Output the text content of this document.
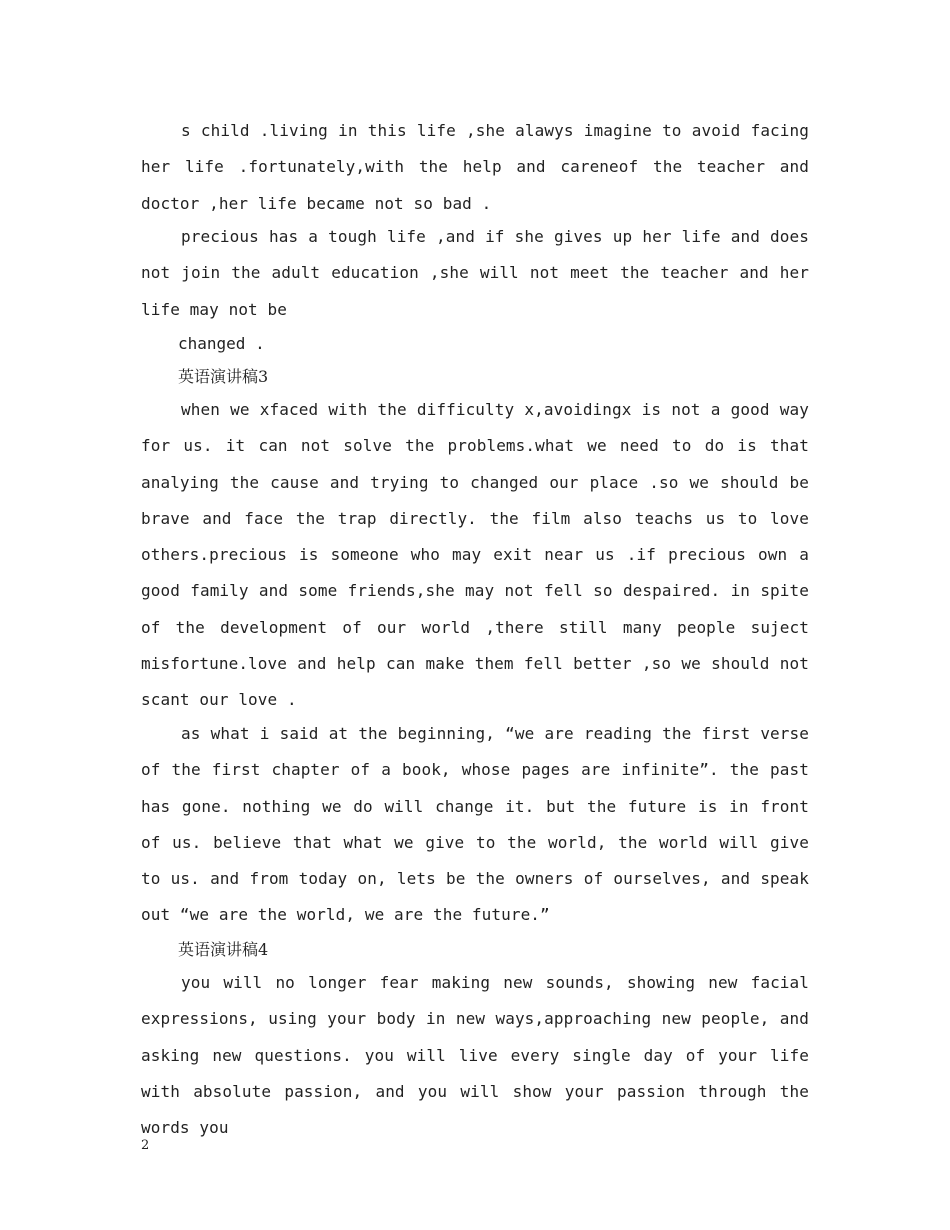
s child .living in this life ,she alawys imagine to avoid facing her life .fortunately,with the help and careneof the teacher and doctor ,her life became not so bad .

precious has a tough life ,and if she gives up her life and does not join the adult education ,she will not meet the teacher and her life may not be

changed .

英语演讲稿3

when we xfaced with the difficulty x,avoidingx is not a good way for us. it can not solve the problems.what we need to do is that analying the cause and trying to changed our place .so we should be brave and face the trap directly. the film also teachs us to love others.precious is someone who may exit near us .if precious own a good family and some friends,she may not fell so despaired. in spite of the development of our world ,there still many people suject misfortune.love and help can make them fell better ,so we should not scant our love .

as what i said at the beginning, “we are reading the first verse of the first chapter of a book, whose pages are infinite”. the past has gone. nothing we do will change it. but the future is in front of us. believe that what we give to the world, the world will give to us. and from today on, lets be the owners of ourselves, and speak out “we are the world, we are the future.”

英语演讲稿4

you will no longer fear making new sounds, showing new facial expressions, using your body in new ways,approaching new people, and asking new questions. you will live every single day of your life with absolute passion, and you will show your passion through the words you

2
